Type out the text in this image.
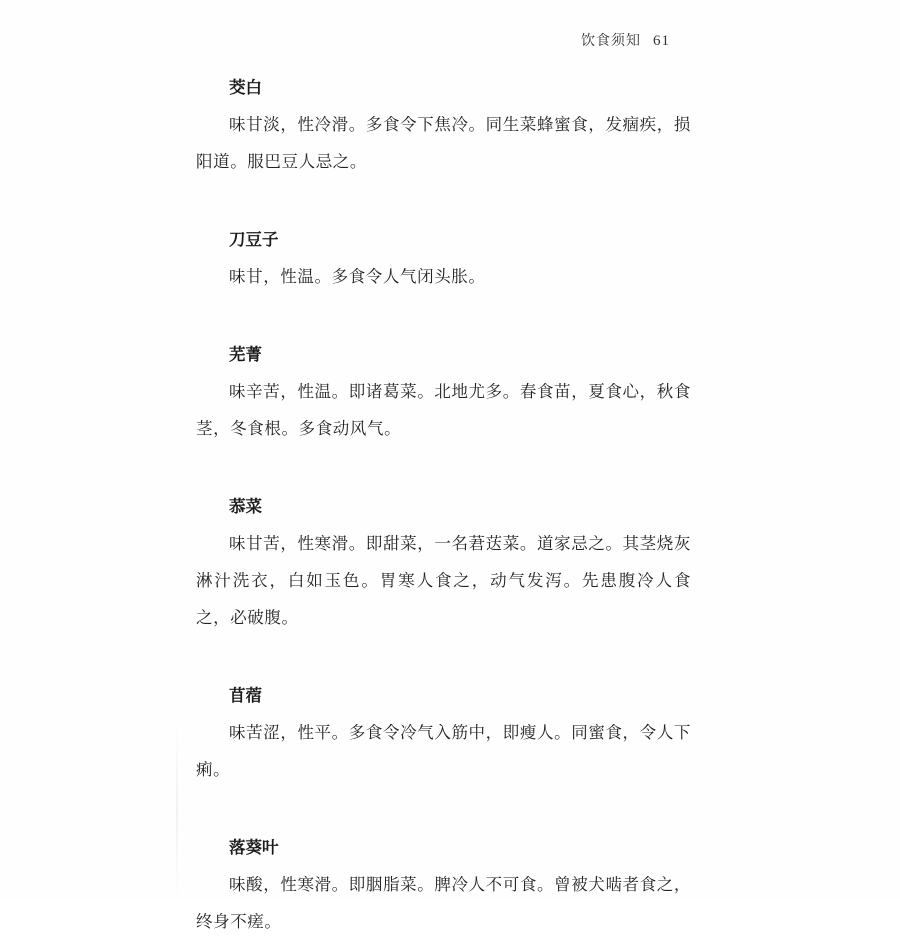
饮食须知 61
茭白

味甘淡，性冷滑。多食令下焦冷。同生菜蜂蜜食，发痼疾，损阳道。服巴豆人忌之。

刀豆子

味甘，性温。多食令人气闭头胀。

芜菁

味辛苦，性温。即诸葛菜。北地尤多。春食苗，夏食心，秋食茎，冬食根。多食动风气。

菾菜

味甘苦，性寒滑。即甜菜，一名莙荙菜。道家忌之。其茎烧灰淋汁洗衣，白如玉色。胃寒人食之，动气发泻。先患腹冷人食之，必破腹。

苜蓿

味苦涩，性平。多食令冷气入筋中，即瘦人。同蜜食，令人下痢。

落葵叶

味酸，性寒滑。即胭脂菜。脾冷人不可食。曾被犬啮者食之，终身不瘥。
